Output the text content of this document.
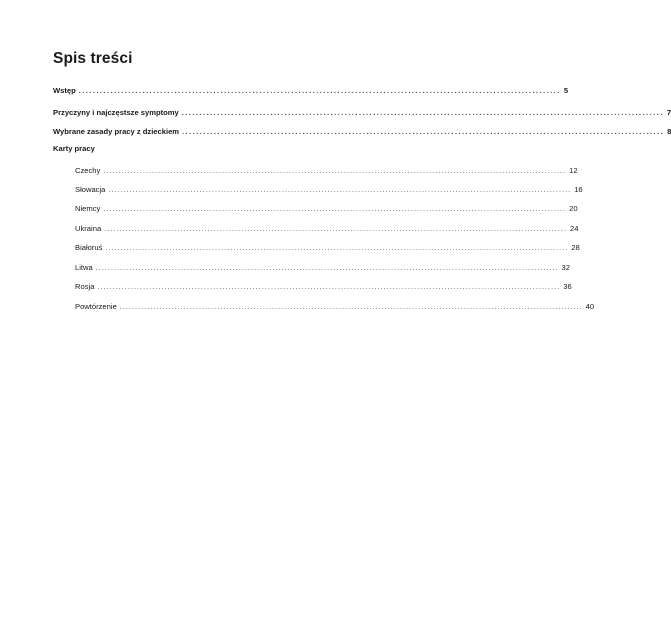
Spis treści
Wstęp ........................................................................................................................................ 5
Przyczyny i najczęstsze symptomy ........................................................................................................................................ 7
Wybrane zasady pracy z dzieckiem ........................................................................................................................................ 8
Karty pracy
Czechy ........................................................................................................................................................ 12
Słowacja ........................................................................................................................................................ 16
Niemcy ........................................................................................................................................................ 20
Ukraina ........................................................................................................................................................ 24
Białoruś ........................................................................................................................................................ 28
Litwa ........................................................................................................................................................ 32
Rosja ........................................................................................................................................................ 36
Powtórzenie ........................................................................................................................................................ 40
